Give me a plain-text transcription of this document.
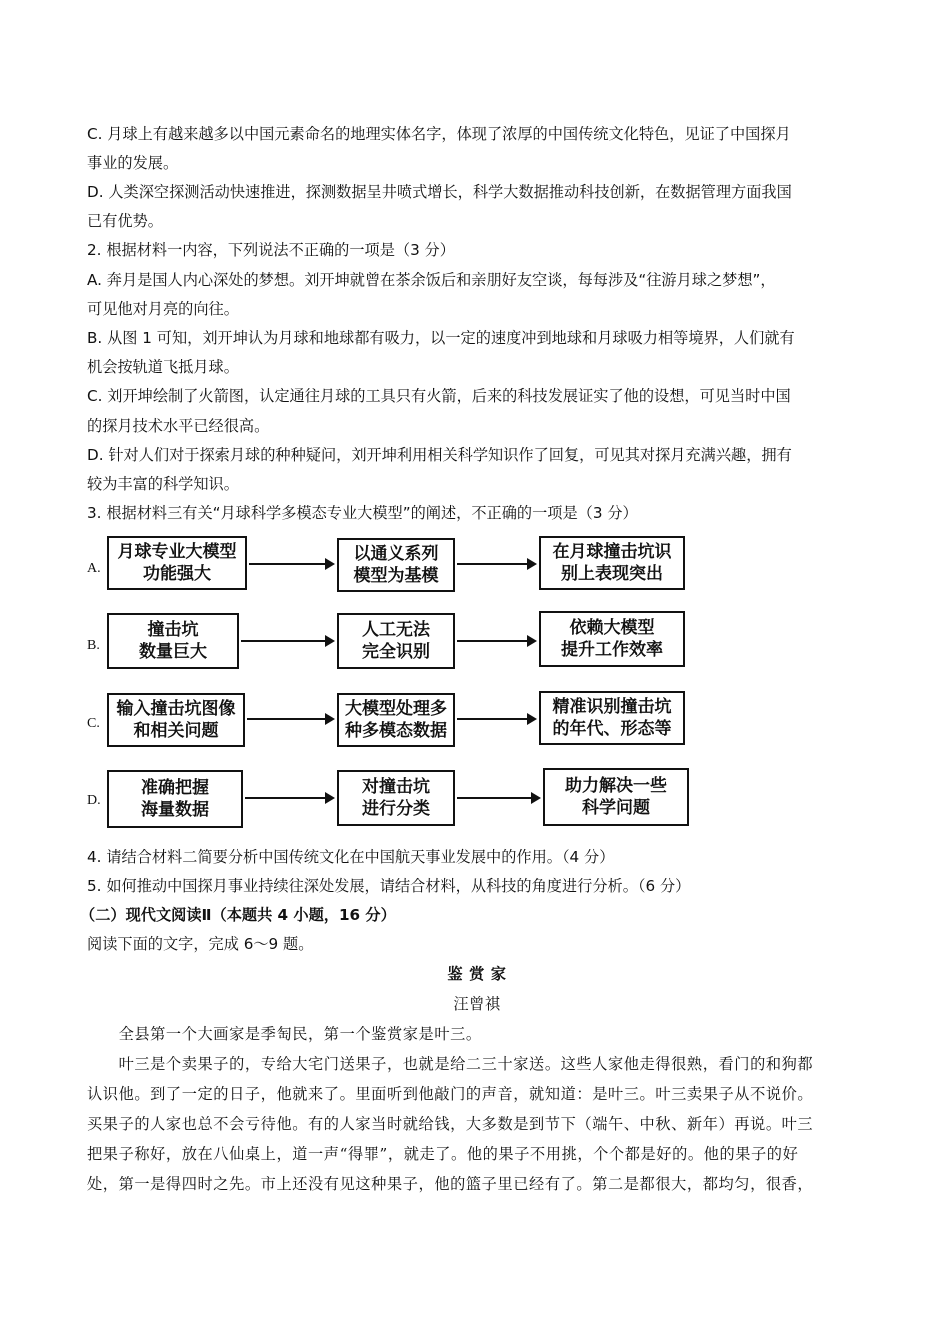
C. 月球上有越来越多以中国元素命名的地理实体名字，体现了浓厚的中国传统文化特色，见证了中国探月
事业的发展。
D. 人类深空探测活动快速推进，探测数据呈井喷式增长，科学大数据推动科技创新，在数据管理方面我国
已有优势。
2. 根据材料一内容，下列说法不正确的一项是（3 分）
A. 奔月是国人内心深处的梦想。刘开坤就曾在茶余饭后和亲朋好友空谈，每每涉及“往游月球之梦想”，
可见他对月亮的向往。
B. 从图 1 可知，刘开坤认为月球和地球都有吸力，以一定的速度冲到地球和月球吸力相等境界，人们就有
机会按轨道飞抵月球。
C. 刘开坤绘制了火箭图，认定通往月球的工具只有火箭，后来的科技发展证实了他的设想，可见当时中国
的探月技术水平已经很高。
D. 针对人们对于探索月球的种种疑问，刘开坤利用相关科学知识作了回复，可见其对探月充满兴趣，拥有
较为丰富的科学知识。
3. 根据材料三有关“月球科学多模态专业大模型”的阐述，不正确的一项是（3 分）
A.
月球专业大模型
功能强大
以通义系列
模型为基模
在月球撞击坑识
别上表现突出
B.
撞击坑
数量巨大
人工无法
完全识别
依赖大模型
提升工作效率
C.
输入撞击坑图像
和相关问题
大模型处理多
种多模态数据
精准识别撞击坑
的年代、形态等
D.
准确把握
海量数据
对撞击坑
进行分类
助力解决一些
科学问题
4. 请结合材料二简要分析中国传统文化在中国航天事业发展中的作用。（4 分）
5. 如何推动中国探月事业持续往深处发展，请结合材料，从科技的角度进行分析。（6 分）
（二）现代文阅读Ⅱ（本题共 4 小题，16 分）
阅读下面的文字，完成 6～9 题。
鉴 赏 家
汪曾祺
　　全县第一个大画家是季匋民，第一个鉴赏家是叶三。
　　叶三是个卖果子的，专给大宅门送果子，也就是给二三十家送。这些人家他走得很熟，看门的和狗都
认识他。到了一定的日子，他就来了。里面听到他敲门的声音，就知道：是叶三。叶三卖果子从不说价。
买果子的人家也总不会亏待他。有的人家当时就给钱，大多数是到节下（端午、中秋、新年）再说。叶三
把果子称好，放在八仙桌上，道一声“得罪”，就走了。他的果子不用挑，个个都是好的。他的果子的好
处，第一是得四时之先。市上还没有见这种果子，他的篮子里已经有了。第二是都很大，都均匀，很香，
